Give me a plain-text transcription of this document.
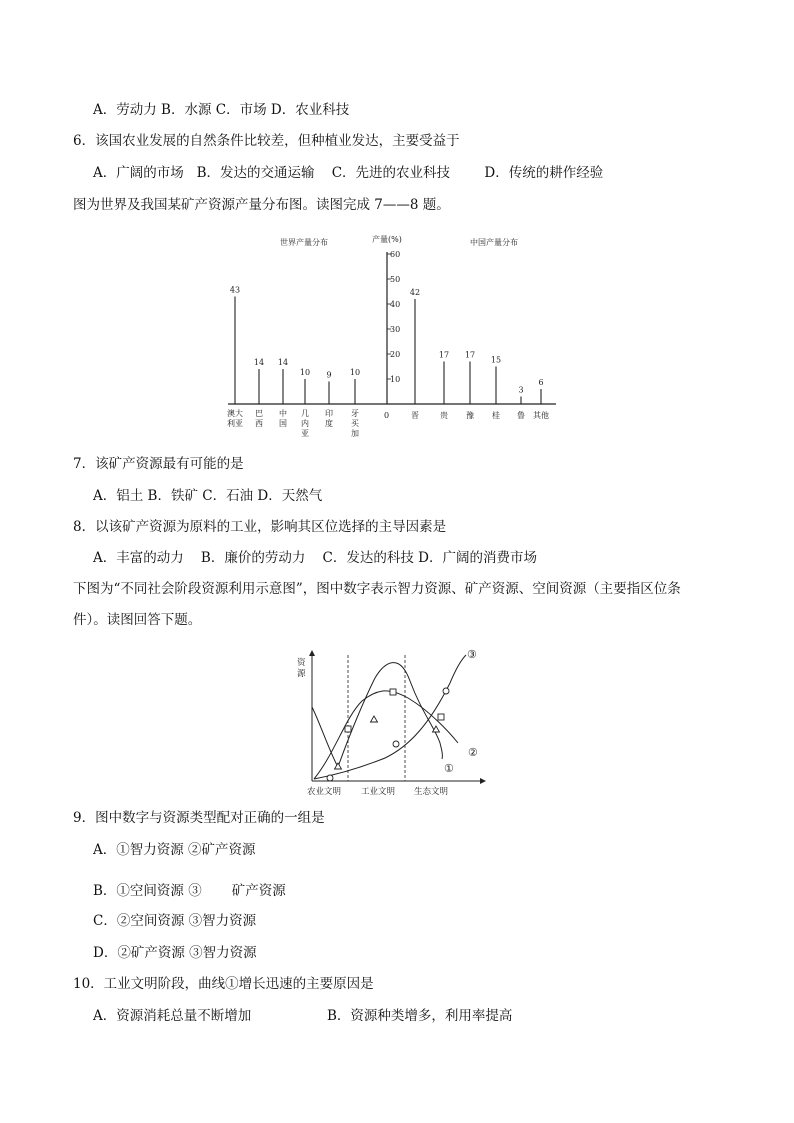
A．劳动力 B．水源 C．市场 D．农业科技
6．该国农业发展的自然条件比较差，但种植业发达，主要受益于
A．广阔的市场   B．发达的交通运输    C．先进的农业科技        D．传统的耕作经验
图为世界及我国某矿产资源产量分布图。读图完成 7——8 题。
世界产量分布	产量(%)	中国产量分布
10
20
30
40
50
60
0
43
澳大利亚
14
巴西
14
中国
10
几内亚
9
印度
10
牙买加
42
晋
17
贵
17
豫
15
桂
3
鲁
6
其他
7．该矿产资源最有可能的是
A．铝土 B．铁矿 C．石油 D．天然气
8．以该矿产资源为原料的工业，影响其区位选择的主导因素是
A．丰富的动力    B．廉价的劳动力    C．发达的科技 D．广阔的消费市场
下图为“不同社会阶段资源利用示意图”，图中数字表示智力资源、矿产资源、空间资源（主要指区位条
件）。读图回答下题。
资
源
①
②
③
农业文明 工业文明 生态文明
9．图中数字与资源类型配对正确的一组是
A．①智力资源 ②矿产资源
B．①空间资源 ③       矿产资源
C．②空间资源 ③智力资源
D．②矿产资源 ③智力资源
10．工业文明阶段，曲线①增长迅速的主要原因是
A．资源消耗总量不断增加	B．资源种类增多，利用率提高
